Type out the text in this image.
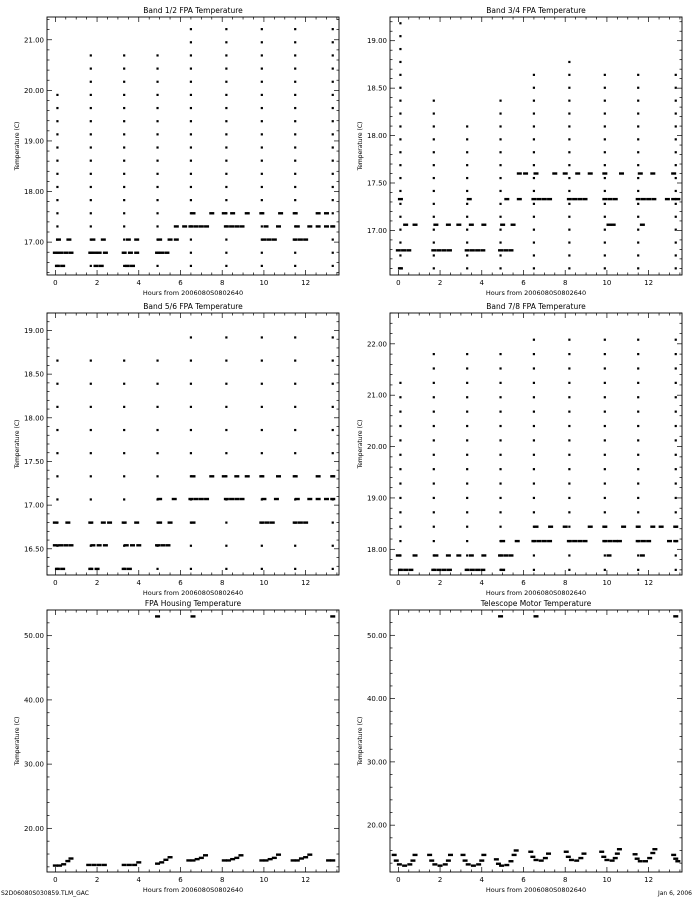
Band 1/2 FPA Temperature
Hours from 2006080S0802640
Temperature (C)
0	2	4	6	8	10	12
17.00
18.00
19.00
20.00
21.00
Band 3/4 FPA Temperature
Hours from 2006080S0802640
Temperature (C)
0	2	4	6	8	10	12
17.00
17.50
18.00
18.50
19.00
Band 5/6 FPA Temperature
Hours from 2006080S0802640
Temperature (C)
0	2	4	6	8	10	12
16.50
17.00
17.50
18.00
18.50
19.00
Band 7/8 FPA Temperature
Hours from 2006080S0802640
Temperature (C)
0	2	4	6	8	10	12
18.00
19.00
20.00
21.00
22.00
FPA Housing Temperature
Hours from 2006080S0802640
Temperature (C)
0	2	4	6	8	10	12
20.00
30.00
40.00
50.00
Telescope Motor Temperature
Hours from 2006080S0802640
Temperature (C)
0	2	4	6	8	10	12
20.00
30.00
40.00
50.00
S2D06080S030859.TLM_GAC	Jan 6, 2006
